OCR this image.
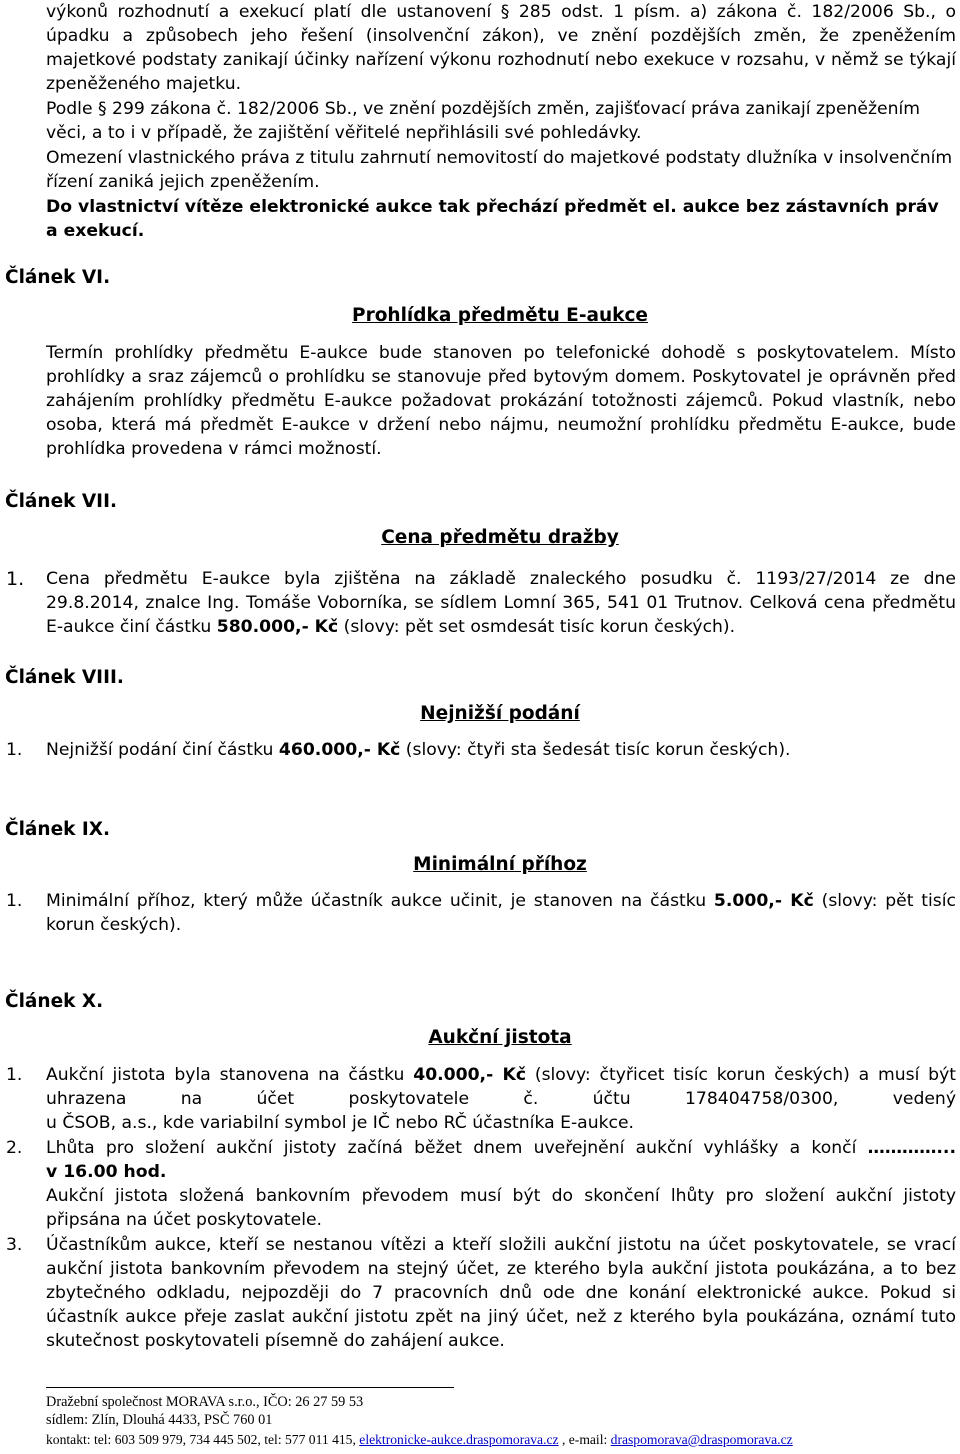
výkonů rozhodnutí a exekucí platí dle ustanovení § 285 odst. 1 písm. a) zákona č. 182/2006 Sb., o

úpadku a způsobech jeho řešení (insolvenční zákon), ve znění pozdějších změn, že zpeněžením

majetkové podstaty zanikají účinky nařízení výkonu rozhodnutí nebo exekuce v rozsahu, v němž se týkají

zpeněženého majetku.

Podle § 299 zákona č. 182/2006 Sb., ve znění pozdějších změn, zajišťovací práva zanikají zpeněžením

věci, a to i v případě, že zajištění věřitelé nepřihlásili své pohledávky.

Omezení vlastnického práva z titulu zahrnutí nemovitostí do majetkové podstaty dlužníka v insolvenčním

řízení zaniká jejich zpeněžením.

Do vlastnictví vítěze elektronické aukce tak přechází předmět el. aukce bez zástavních práv

a exekucí.

Článek VI.

Prohlídka předmětu E-aukce

Termín prohlídky předmětu E-aukce bude stanoven po telefonické dohodě s poskytovatelem. Místo

prohlídky a sraz zájemců o prohlídku se stanovuje před bytovým domem. Poskytovatel je oprávněn před

zahájením prohlídky předmětu E-aukce požadovat prokázání totožnosti zájemců. Pokud vlastník, nebo

osoba, která má předmět E-aukce v držení nebo nájmu, neumožní prohlídku předmětu E-aukce, bude

prohlídka provedena v rámci možností.

Článek VII.

Cena předmětu dražby

1. Cena předmětu E-aukce byla zjištěna na základě znaleckého posudku č. 1193/27/2014 ze dne

29.8.2014, znalce Ing. Tomáše Voborníka, se sídlem Lomní 365, 541 01 Trutnov. Celková cena předmětu

E-aukce činí částku 580.000,- Kč (slovy: pět set osmdesát tisíc korun českých).

Článek VIII.

Nejnižší podání

1. Nejnižší podání činí částku 460.000,- Kč (slovy: čtyři sta šedesát tisíc korun českých).

Článek IX.

Minimální příhoz

1. Minimální příhoz, který může účastník aukce učinit, je stanoven na částku 5.000,- Kč (slovy: pět tisíc

korun českých).

Článek X.

Aukční jistota

1. Aukční jistota byla stanovena na částku 40.000,- Kč (slovy: čtyřicet tisíc korun českých) a musí být

uhrazena na účet poskytovatele č. účtu 178404758/0300, vedený

u ČSOB, a.s., kde variabilní symbol je IČ nebo RČ účastníka E-aukce.

2. Lhůta pro složení aukční jistoty začíná běžet dnem uveřejnění aukční vyhlášky a končí …………...

v 16.00 hod.

Aukční jistota složená bankovním převodem musí být do skončení lhůty pro složení aukční jistoty

připsána na účet poskytovatele.

3. Účastníkům aukce, kteří se nestanou vítězi a kteří složili aukční jistotu na účet poskytovatele, se vrací

aukční jistota bankovním převodem na stejný účet, ze kterého byla aukční jistota poukázána, a to bez

zbytečného odkladu, nejpozději do 7 pracovních dnů ode dne konání elektronické aukce. Pokud si

účastník aukce přeje zaslat aukční jistotu zpět na jiný účet, než z kterého byla poukázána, oznámí tuto

skutečnost poskytovateli písemně do zahájení aukce.

Dražební společnost MORAVA s.r.o., IČO: 26 27 59 53

sídlem: Zlín, Dlouhá 4433, PSČ 760 01

kontakt: tel: 603 509 979, 734 445 502, tel: 577 011 415, elektronicke-aukce.draspomorava.cz , e-mail: draspomorava@draspomorava.cz
